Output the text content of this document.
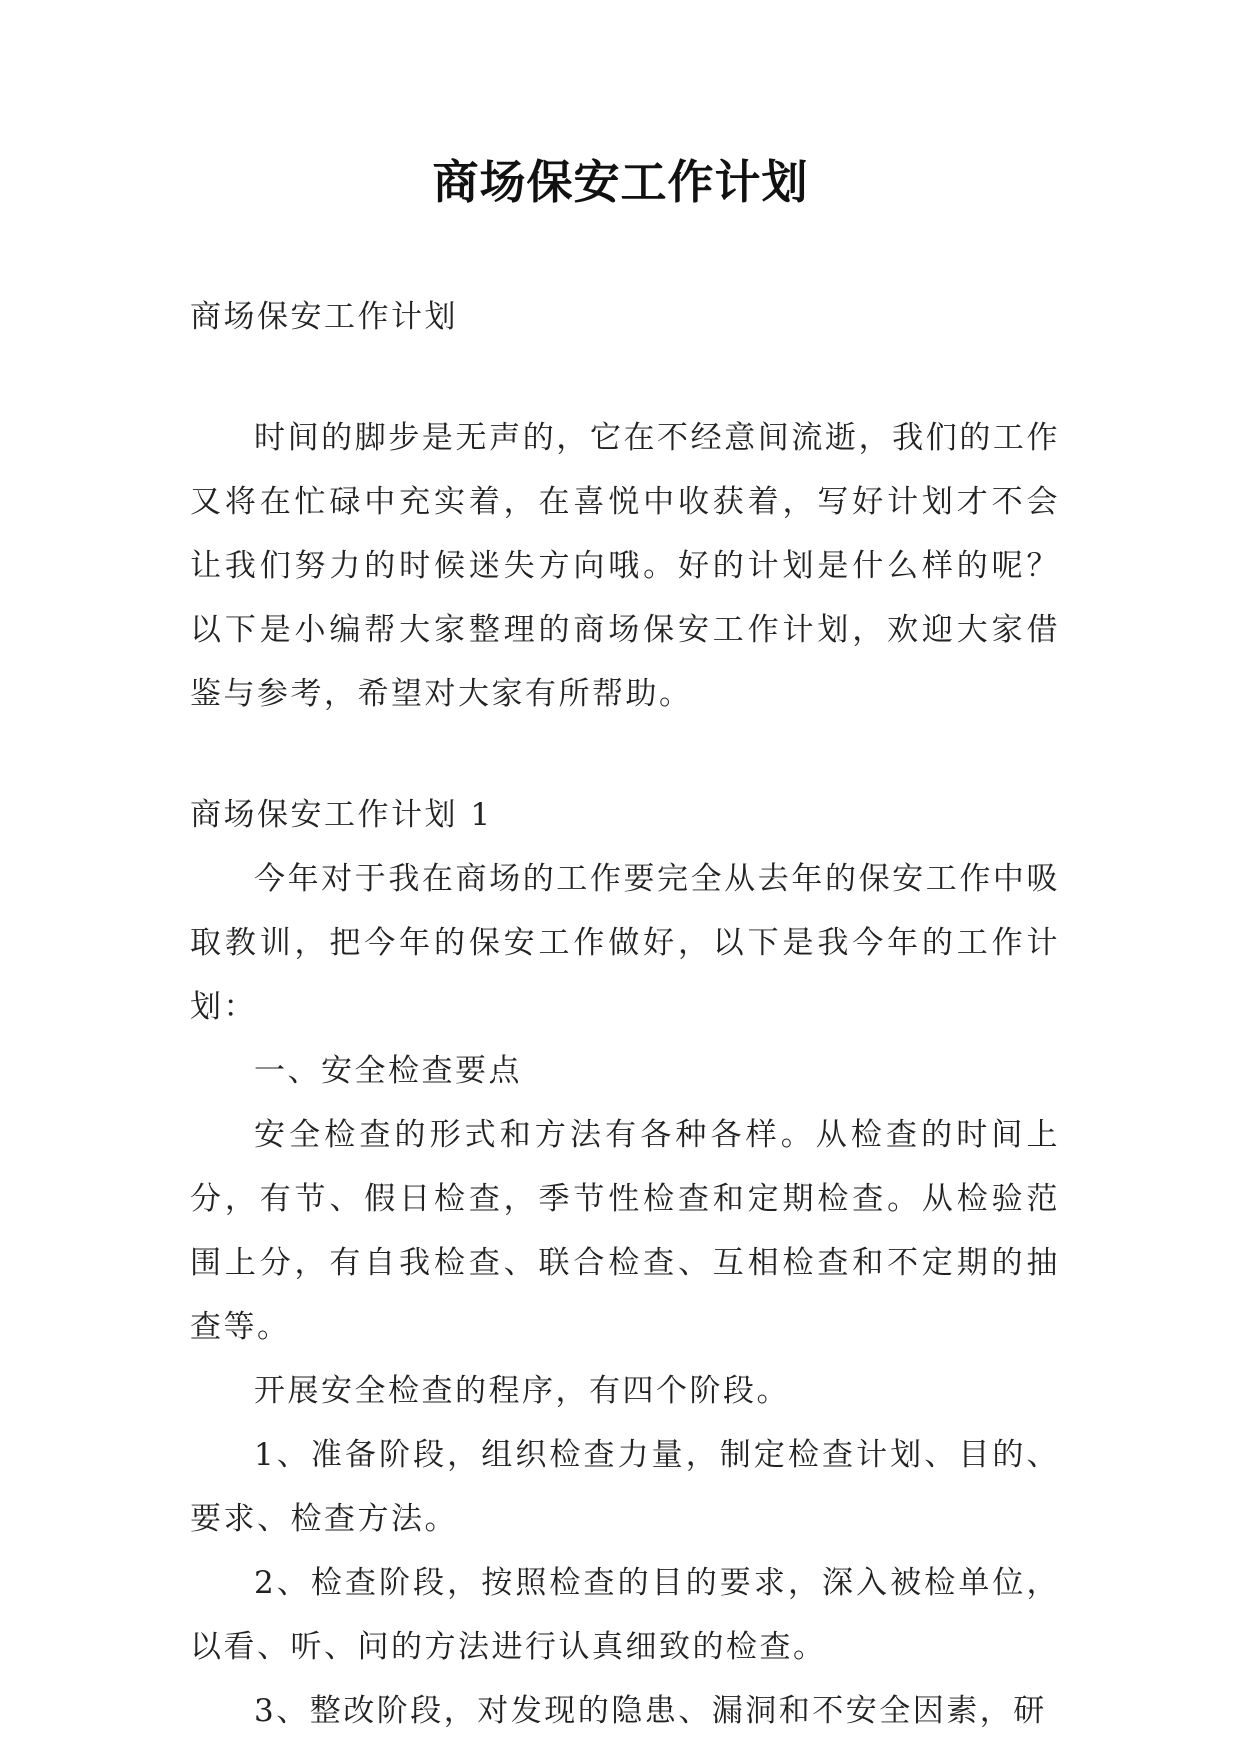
商场保安工作计划

商场保安工作计划

时间的脚步是无声的，它在不经意间流逝，我们的工作又将在忙碌中充实着，在喜悦中收获着，写好计划才不会让我们努力的时候迷失方向哦。好的计划是什么样的呢？以下是小编帮大家整理的商场保安工作计划，欢迎大家借鉴与参考，希望对大家有所帮助。

商场保安工作计划 1

今年对于我在商场的工作要完全从去年的保安工作中吸取教训，把今年的保安工作做好，以下是我今年的工作计划：

一、安全检查要点

安全检查的形式和方法有各种各样。从检查的时间上分，有节、假日检查，季节性检查和定期检查。从检验范围上分，有自我检查、联合检查、互相检查和不定期的抽查等。

开展安全检查的程序，有四个阶段。

1、准备阶段，组织检查力量，制定检查计划、目的、要求、检查方法。

2、检查阶段，按照检查的目的要求，深入被检单位，以看、听、问的方法进行认真细致的检查。

3、整改阶段，对发现的隐患、漏洞和不安全因素，研
